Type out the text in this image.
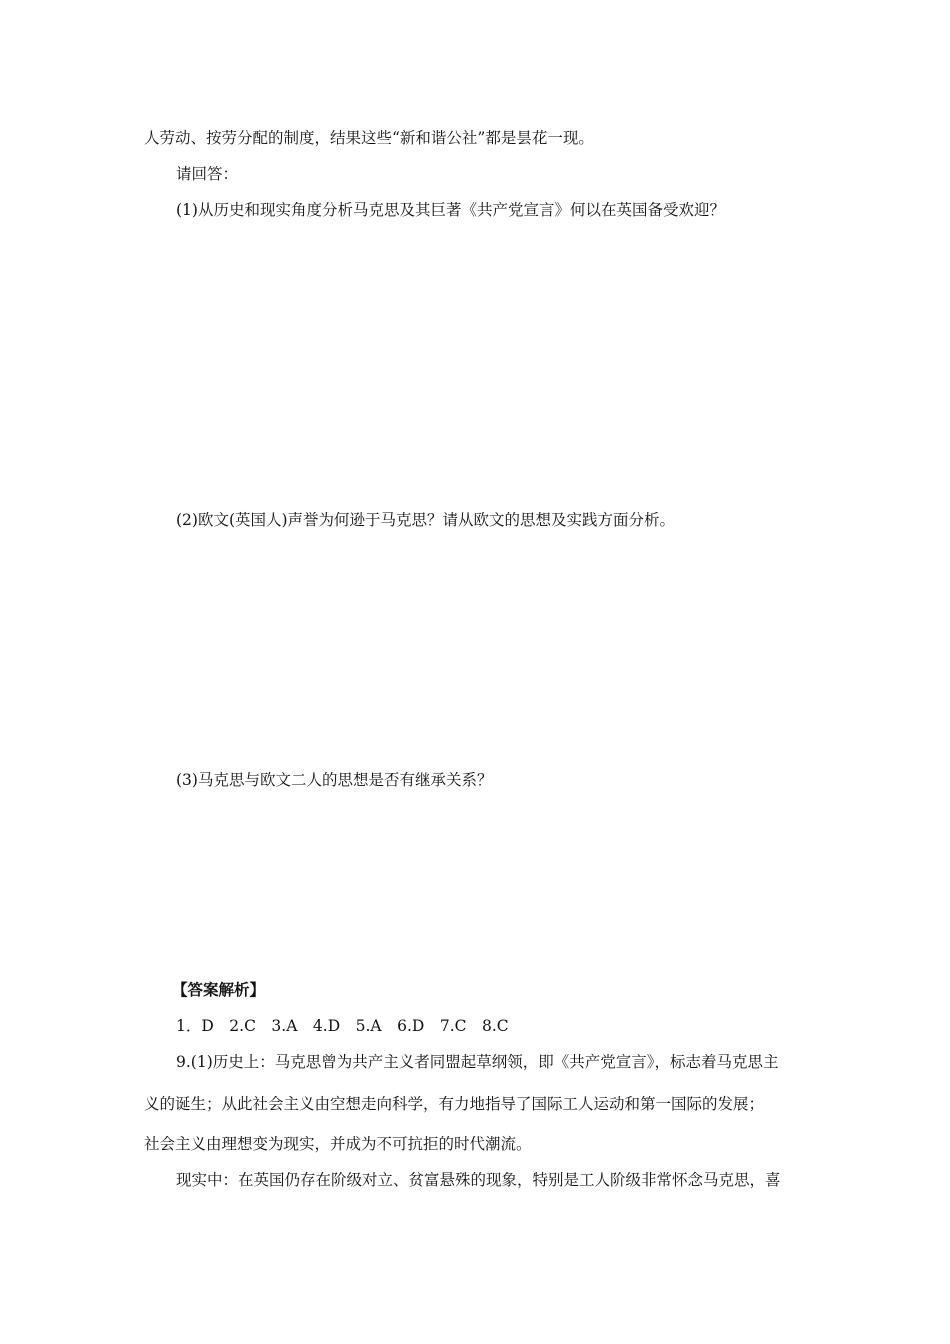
人劳动、按劳分配的制度，结果这些“新和谐公社”都是昙花一现。
请回答：
(1)从历史和现实角度分析马克思及其巨著《共产党宣言》何以在英国备受欢迎？
(2)欧文(英国人)声誉为何逊于马克思？请从欧文的思想及实践方面分析。
(3)马克思与欧文二人的思想是否有继承关系？
【答案解析】
1．D　2.C　3.A　4.D　5.A　6.D　7.C　8.C
9.(1)历史上：马克思曾为共产主义者同盟起草纲领，即《共产党宣言》，标志着马克思主
义的诞生；从此社会主义由空想走向科学，有力地指导了国际工人运动和第一国际的发展；
社会主义由理想变为现实，并成为不可抗拒的时代潮流。
现实中：在英国仍存在阶级对立、贫富悬殊的现象，特别是工人阶级非常怀念马克思，喜
